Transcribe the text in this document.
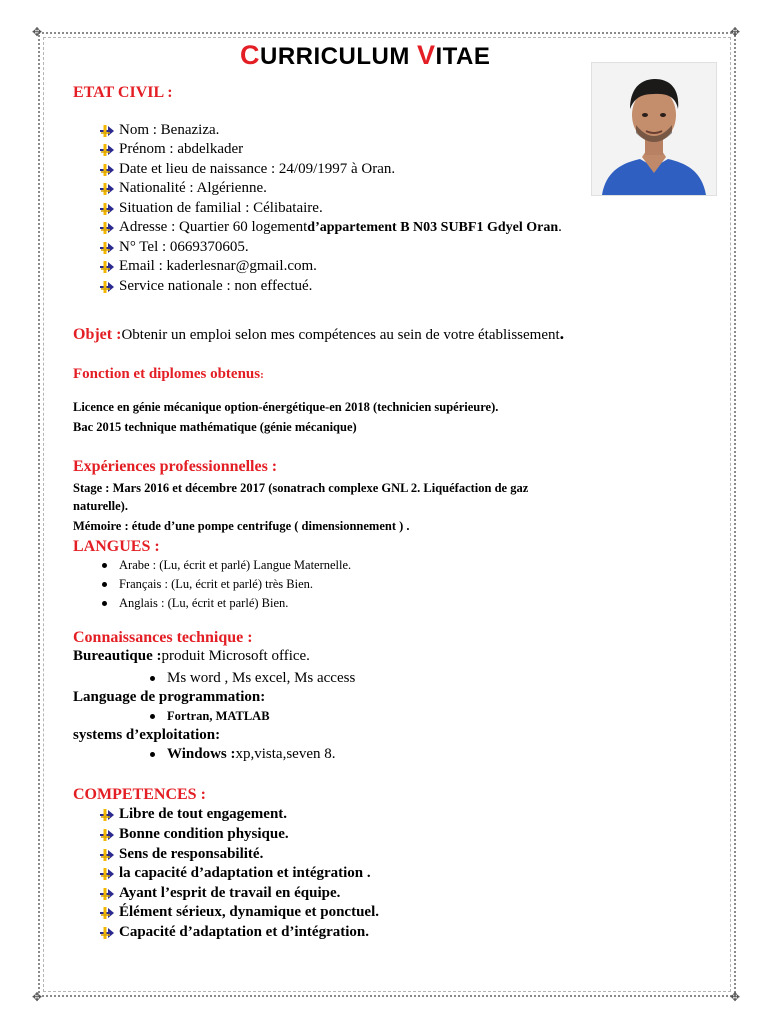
✥	✥
✥	✥
CURRICULUM VITAE
ETAT CIVIL :
Nom : Benaziza.
Prénom : abdelkader
Date et lieu de naissance : 24/09/1997 à Oran.
Nationalité : Algérienne.
Situation de familial : Célibataire.
Adresse : Quartier 60 logement d’appartement B N03 SUBF1 Gdyel Oran .
N° Tel : 0669370605.
Email : kaderlesnar@gmail.com.
Service nationale : non effectué.
Objet :Obtenir un emploi selon mes compétences au sein de votre établissement.
Fonction et diplomes obtenus:
Licence en génie mécanique option-énergétique-en 2018 (technicien supérieure).
Bac 2015 technique mathématique (génie mécanique)
Expériences professionnelles :
Stage : Mars 2016 et décembre 2017 (sonatrach complexe GNL 2. Liquéfaction de gaz
naturelle).
Mémoire : étude d’une pompe centrifuge ( dimensionnement ) .
LANGUES :
Arabe : (Lu, écrit et parlé) Langue Maternelle.
Français : (Lu, écrit et parlé) très Bien.
Anglais : (Lu, écrit et parlé) Bien.
Connaissances technique :
Bureautique :produit Microsoft office.
Ms word , Ms excel, Ms access
Language de programmation:
Fortran, MATLAB
systems d’exploitation:
Windows : xp,vista,seven 8.
COMPETENCES :
Libre de tout engagement.
Bonne condition physique.
Sens de responsabilité.
la capacité d’adaptation et intégration .
Ayant l’esprit de travail en équipe.
Élément sérieux, dynamique et ponctuel.
Capacité d’adaptation et d’intégration.
